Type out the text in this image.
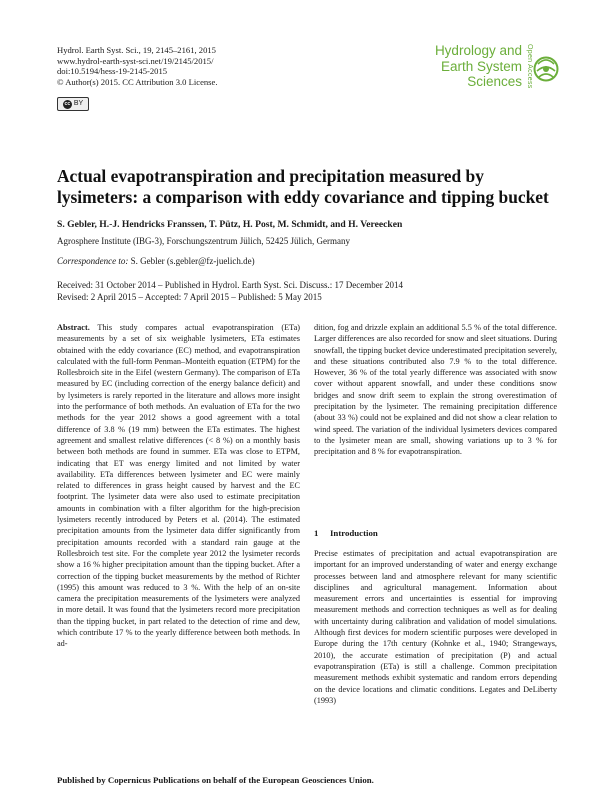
Hydrol. Earth Syst. Sci., 19, 2145–2161, 2015
www.hydrol-earth-syst-sci.net/19/2145/2015/
doi:10.5194/hess-19-2145-2015
© Author(s) 2015. CC Attribution 3.0 License.
cc BY
Hydrology and
Earth System
Sciences Open Access
Actual evapotranspiration and precipitation measured by lysimeters: a comparison with eddy covariance and tipping bucket
S. Gebler, H.-J. Hendricks Franssen, T. Pütz, H. Post, M. Schmidt, and H. Vereecken
Agrosphere Institute (IBG-3), Forschungszentrum Jülich, 52425 Jülich, Germany
Correspondence to: S. Gebler (s.gebler@fz-juelich.de)
Received: 31 October 2014 – Published in Hydrol. Earth Syst. Sci. Discuss.: 17 December 2014
Revised: 2 April 2015 – Accepted: 7 April 2015 – Published: 5 May 2015
Abstract. This study compares actual evapotranspiration (ETa) measurements by a set of six weighable lysimeters, ETa estimates obtained with the eddy covariance (EC) method, and evapotranspiration calculated with the full-form Penman–Monteith equation (ETPM) for the Rollesbroich site in the Eifel (western Germany). The comparison of ETa measured by EC (including correction of the energy balance deficit) and by lysimeters is rarely reported in the literature and allows more insight into the performance of both methods. An evaluation of ETa for the two methods for the year 2012 shows a good agreement with a total difference of 3.8 % (19 mm) between the ETa estimates. The highest agreement and smallest relative differences (< 8 %) on a monthly basis between both methods are found in summer. ETa was close to ETPM, indicating that ET was energy limited and not limited by water availability. ETa differences between lysimeter and EC were mainly related to differences in grass height caused by harvest and the EC footprint. The lysimeter data were also used to estimate precipitation amounts in combination with a filter algorithm for the high-precision lysimeters recently introduced by Peters et al. (2014). The estimated precipitation amounts from the lysimeter data differ significantly from precipitation amounts recorded with a standard rain gauge at the Rollesbroich test site. For the complete year 2012 the lysimeter records show a 16 % higher precipitation amount than the tipping bucket. After a correction of the tipping bucket measurements by the method of Richter (1995) this amount was reduced to 3 %. With the help of an on-site camera the precipitation measurements of the lysimeters were analyzed in more detail. It was found that the lysimeters record more precipitation than the tipping bucket, in part related to the detection of rime and dew, which contribute 17 % to the yearly difference between both methods. In ad-
dition, fog and drizzle explain an additional 5.5 % of the total difference. Larger differences are also recorded for snow and sleet situations. During snowfall, the tipping bucket device underestimated precipitation severely, and these situations contributed also 7.9 % to the total difference. However, 36 % of the total yearly difference was associated with snow cover without apparent snowfall, and under these conditions snow bridges and snow drift seem to explain the strong overestimation of precipitation by the lysimeter. The remaining precipitation difference (about 33 %) could not be explained and did not show a clear relation to wind speed. The variation of the individual lysimeters devices compared to the lysimeter mean are small, showing variations up to 3 % for precipitation and 8 % for evapotranspiration.
1 Introduction
Precise estimates of precipitation and actual evapotranspiration are important for an improved understanding of water and energy exchange processes between land and atmosphere relevant for many scientific disciplines and agricultural management. Information about measurement errors and uncertainties is essential for improving measurement methods and correction techniques as well as for dealing with uncertainty during calibration and validation of model simulations. Although first devices for modern scientific purposes were developed in Europe during the 17th century (Kohnke et al., 1940; Strangeways, 2010), the accurate estimation of precipitation (P) and actual evapotranspiration (ETa) is still a challenge. Common precipitation measurement methods exhibit systematic and random errors depending on the device locations and climatic conditions. Legates and DeLiberty (1993)
Published by Copernicus Publications on behalf of the European Geosciences Union.
